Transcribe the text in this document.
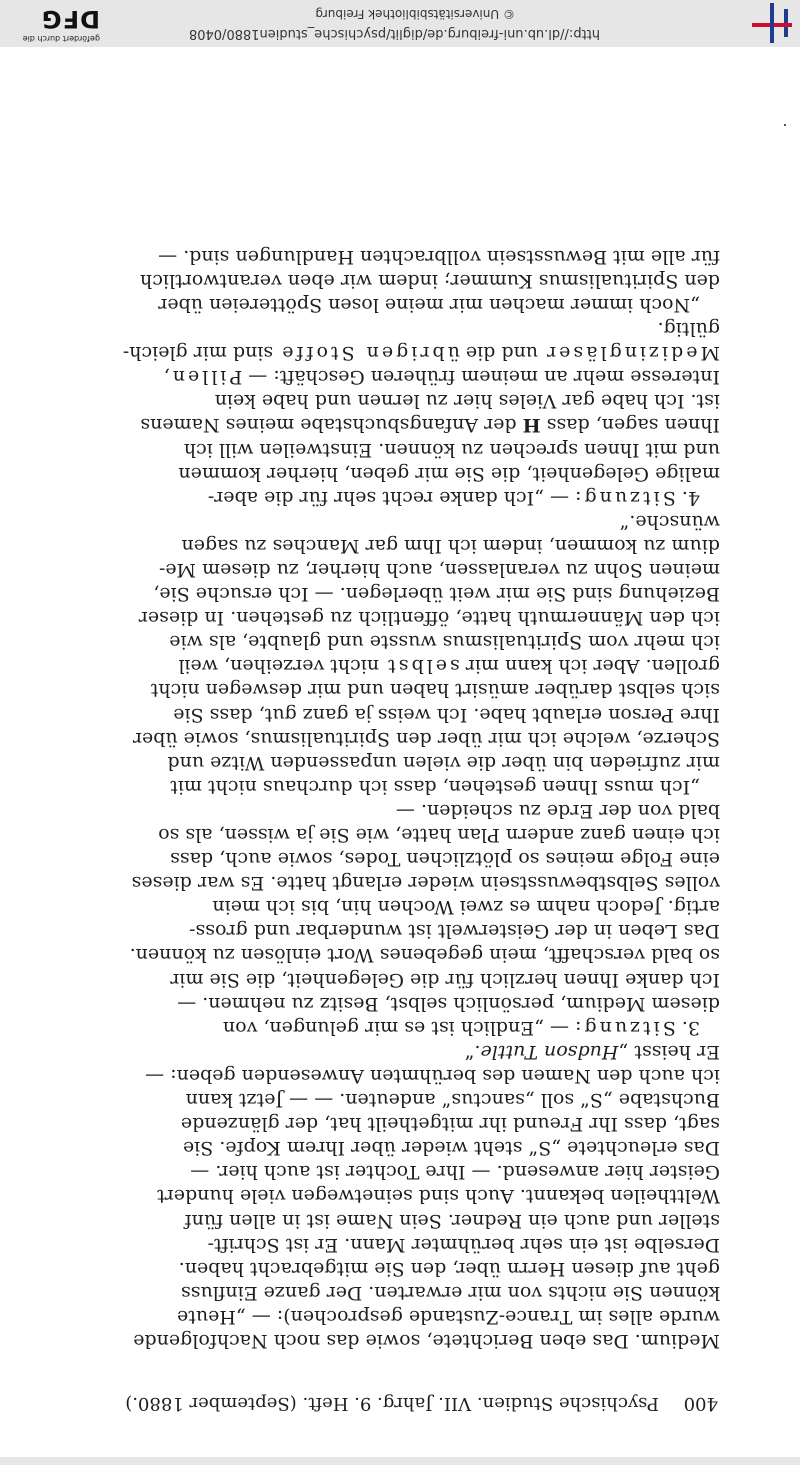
400
Psychische Studien. VII. Jahrg. 9. Heft. (September 1880.)

Medium. Das eben Berichtete, sowie das noch Nachfolgende

wurde alles im Trance-Zustande gesprochen): — „Heute

können Sie nichts von mir erwarten. Der ganze Einfluss

geht auf diesen Herrn über, den Sie mitgebracht haben.

Derselbe ist ein sehr berühmter Mann. Er ist Schrift-

steller und auch ein Redner. Sein Name ist in allen fünf

Welttheilen bekannt. Auch sind seinetwegen viele hundert

Geister hier anwesend. — Ihre Tochter ist auch hier. —

Das erleuchtete „S“ steht wieder über Ihrem Kopfe. Sie

sagt, dass Ihr Freund ihr mitgetheilt hat, der glänzende

Buchstabe „S“ soll „sanctus“ andeuten. — — Jetzt kann

ich auch den Namen des berühmten Anwesenden geben: —

Er heisst „Hudson Tuttle.“

3. Sitzung: — „Endlich ist es mir gelungen, von

diesem Medium, persönlich selbst, Besitz zu nehmen. —

Ich danke Ihnen herzlich für die Gelegenheit, die Sie mir

so bald verschafft, mein gegebenes Wort einlösen zu können.

Das Leben in der Geisterwelt ist wunderbar und gross-

artig. Jedoch nahm es zwei Wochen hin, bis ich mein

volles Selbstbewusstsein wieder erlangt hatte. Es war dieses

eine Folge meines so plötzlichen Todes, sowie auch, dass

ich einen ganz andern Plan hatte, wie Sie ja wissen, als so

bald von der Erde zu scheiden. —

„Ich muss Ihnen gestehen, dass ich durchaus nicht mit

mir zufrieden bin über die vielen unpassenden Witze und

Scherze, welche ich mir über den Spiritualismus, sowie über

Ihre Person erlaubt habe. Ich weiss ja ganz gut, dass Sie

sich selbst darüber amüsirt haben und mir deswegen nicht

grollen. Aber ich kann mir selbst nicht verzeihen, weil

ich mehr vom Spiritualismus wusste und glaubte, als wie

ich den Männermuth hatte, öffentlich zu gestehen. In dieser

Beziehung sind Sie mir weit überlegen. — Ich ersuche Sie,

meinen Sohn zu veranlassen, auch hierher, zu diesem Me-

dium zu kommen, indem ich Ihm gar Manches zu sagen

wünsche.“

4. Sitzung: — „Ich danke recht sehr für die aber-

malige Gelegenheit, die Sie mir geben, hierher kommen

und mit Ihnen sprechen zu können. Einstweilen will ich

Ihnen sagen, dass H der Anfangsbuchstabe meines Namens

ist. Ich habe gar Vieles hier zu lernen und habe kein

Interesse mehr an meinem früheren Geschäft: — Pillen,

Medizingläser und die übrigen Stoffe sind mir gleich-

gültig.

„Noch immer machen mir meine losen Spöttereien über

den Spiritualismus Kummer; indem wir eben verantwortlich

für alle mit Bewusstsein vollbrachten Handlungen sind. —

http://dl.ub.uni-freiburg.de/diglit/psychische_studien1880/0408
© Universitätsbibliothek Freiburg
gefördert durch die
DFG
